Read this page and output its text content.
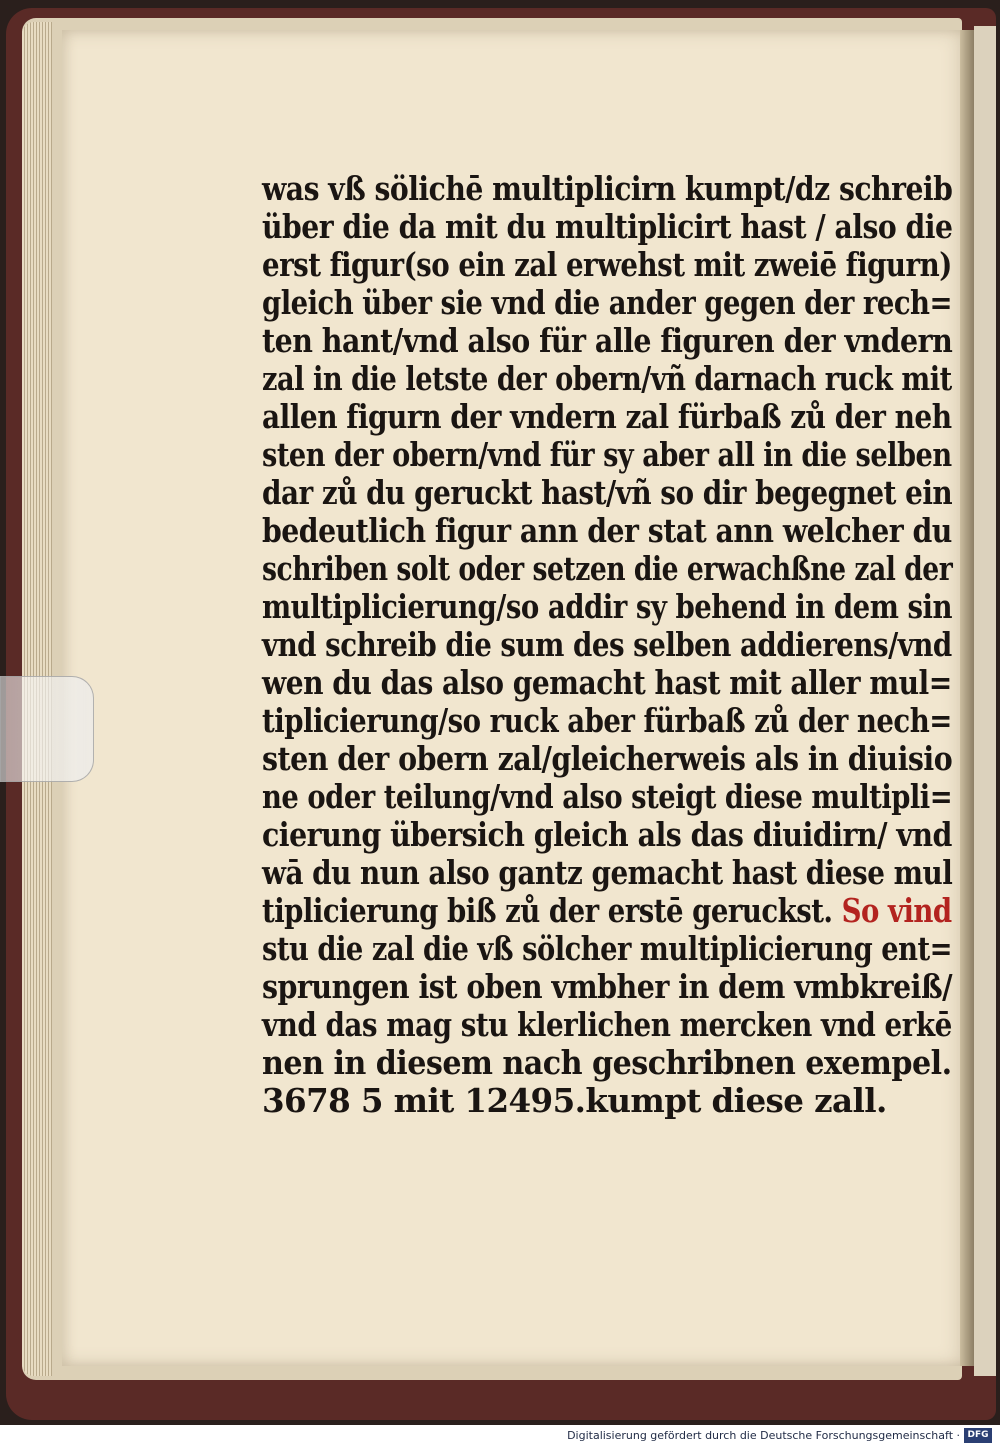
was vß sölichē multiplicirn kumpt/dz schreib
über die da mit du multiplicirt hast / also die
erst figur(so ein zal erwehst mit zweiē figurn)
gleich über sie vnd die ander gegen der rech=
ten hant/vnd also für alle figuren der vndern
zal in die letste der obern/vñ darnach ruck mit
allen figurn der vndern zal fürbaß zů der neh
sten der obern/vnd für sy aber all in die selben
dar zů du geruckt hast/vñ so dir begegnet ein
bedeutlich figur ann der stat ann welcher du
schriben solt oder setzen die erwachßne zal der
multiplicierung/so addir sy behend in dem sin
vnd schreib die sum des selben addierens/vnd
wen du das also gemacht hast mit aller mul=
tiplicierung/so ruck aber fürbaß zů der nech=
sten der obern zal/gleicherweis als in diuisio
ne oder teilung/vnd also steigt diese multipli=
cierung übersich gleich als das diuidirn/ vnd
wā du nun also gantz gemacht hast diese mul
tiplicierung biß zů der erstē geruckst. So vind
stu die zal die vß sölcher multiplicierung ent=
sprungen ist oben vmbher in dem vmbkreiß/
vnd das mag stu klerlichen mercken vnd erkē
nen in diesem nach geschribnen exempel.
3678 5 mit 12495.kumpt diese zall.
Digitalisierung gefördert durch die Deutsche Forschungsgemeinschaft · DFG
